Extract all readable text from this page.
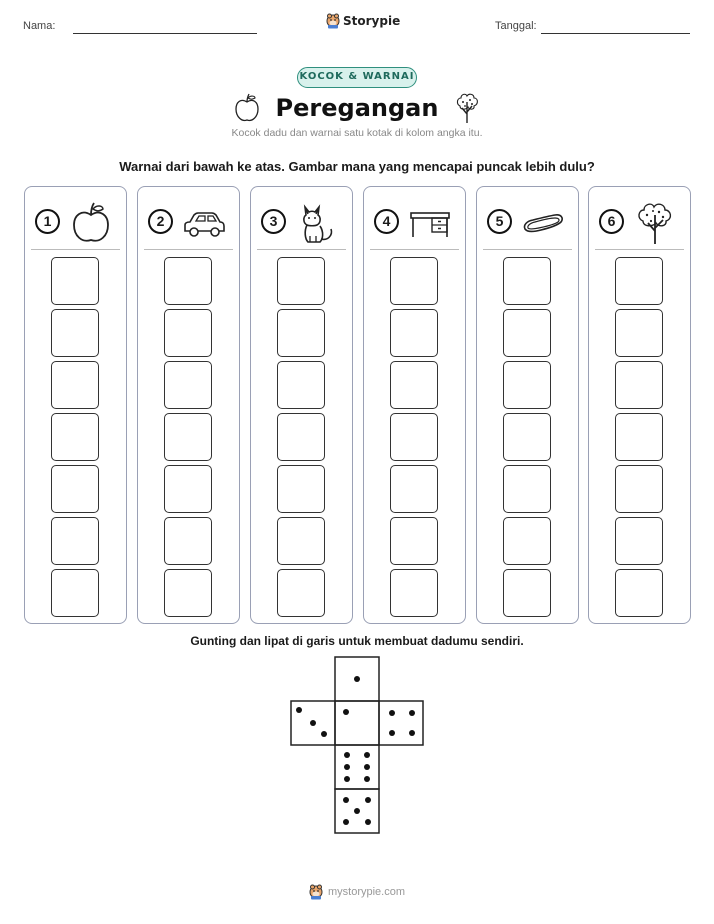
Nama:	Storypie	Tanggal:
KOCOK & WARNAI
Peregangan
Kocok dadu dan warnai satu kotak di kolom angka itu.
Warnai dari bawah ke atas. Gambar mana yang mencapai puncak lebih dulu?
1	2	3	4	5	6
Gunting dan lipat di garis untuk membuat dadumu sendiri.
mystorypie.com
